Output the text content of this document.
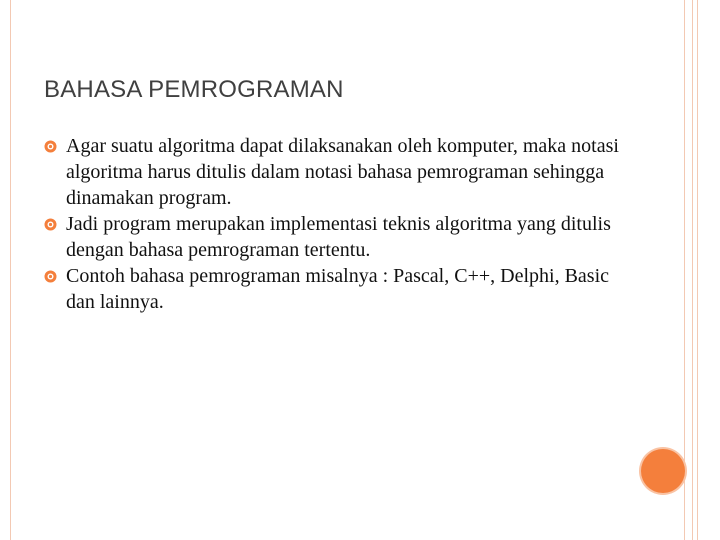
BAHASA PEMROGRAMAN
Agar suatu algoritma dapat dilaksanakan oleh komputer, maka notasi algoritma harus ditulis dalam notasi bahasa pemrograman sehingga dinamakan program.
Jadi program merupakan implementasi teknis algoritma yang ditulis dengan bahasa pemrograman tertentu.
Contoh bahasa pemrograman misalnya : Pascal, C++, Delphi, Basic dan lainnya.
